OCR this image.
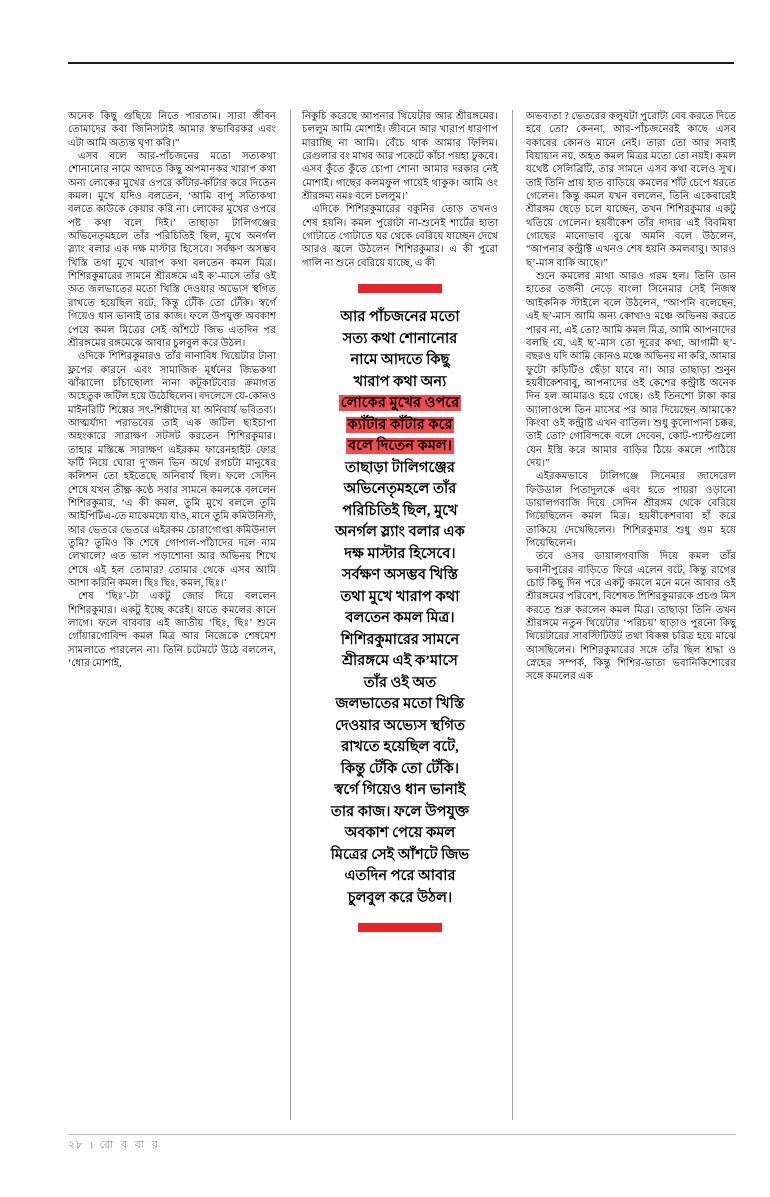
অনেক কিছু গুছিয়ে নিতে পারতাম। সারা জীবন তোমাদের কবা জিনিসটাই আমার স্বভাবিরকর এবং এটা আমি অত্যন্ত ঘৃণা করি।”

এসব বলে আর-পাঁচজনের মতো সত্যকথা শোনানোর নামে আদতে কিছু অপমানকর খারাপ কথা অন্য লোকের মুখের ওপরে কাঁটার-কাঁটার করে দিতেন কমল। মুখে যদিও বলতেন, ‘আমি বাপু সত্যিকথা বলতে কাউকে কেয়ার করি না। লোকের মুখের ওপরে পষ্ট কথা বলে দিই।’ তাছাড়া টালিগঞ্জের অভিনেতৃমহলে তাঁর পরিচিতিই ছিল, মুখে অনর্গল স্ল্যাং বলার এক দক্ষ মাস্টার হিসেবে। সর্বক্ষণ অসম্ভব খিস্তি তথা মুখে খারাপ কথা বলতেন কমল মিত্র। শিশিরকুমারের সামনে শ্রীরঙ্গমে এই ক’-মাসে তাঁর ওই অত জলভাতের মতো খিস্তি দেওয়ার অভ্যেস স্থগিত রাখতে হয়েছিল বটে, কিন্তু টেঁকি তো টেঁকি। স্বর্গে গিয়েও ধান ভানাই তার কাজ। ফলে উপযুক্ত অবকাশ পেয়ে কমল মিত্রের সেই আঁশটে জিভ এতদিন পর শ্রীরঙ্গমের রঙ্গমেঝে আবার চুলবুল করে উঠল।

ওদিকে শিশিরকুমারও তাঁর নানাবিধ থিয়েটার টানা ফ্লপের কারনে এবং সামাজিক মূর্ধনের জিভকথা ঝাঁঝালো চাঁচাছোলা নানা কটূকাটব্যের ক্রমাগত অহেতুক জটিল হয়ে উঠেছিলেন। বদলেসে যে-কোনও মাইনরিটি শিল্পের সৎ-শিল্পীদের যা অনিবার্য ভবিতব্য। আত্মর্যাদা পরাভবের তাই এক জটিল ছাইচাপা অহংকারে সারাক্ষণ সটসট করতেন শিশিরকুমার। তাহার মস্তিষ্কে সারাক্ষণ এইরকম ফারেনহাইট ফোর ফর্টি নিয়ে ঘোরা দু’জন ভিন অর্থে রগচটা মানুষের কলিশন তো হইতেছে অনিবার্য ছিল। ফলে সেদিন শেষে যখন তীক্ষ্ণ কণ্ঠে সবার সামনে কমলকে বললেন শিশিরকুমার, ‘এ কী কমল, তুমি মুখে বললে তুমি আইপিটিএ-তে মাঝেমধ্যে যাও, মানে তুমি কমিউনিস্ট, আর ভেতরে ভেতরে এইরকম চোরাগোপ্তা কমিউনাল তুমি? তুমিও কি শেষে গোপাল-পাঁঠাদের দলে নাম লেখালে? এত ভাল পড়াশোনা আর অভিনয় শিখে শেষে এই হল তোমার? তোমার থেকে এসব আমি আশা করিনি কমল। ছিঃ ছিঃ, কমল, ছিঃ।’

শেষ ‘ছিঃ’-টা একটু জোর দিয়ে বললেন শিশিরকুমার। একটু ইচ্ছে করেই। যাতে কমলের কানে লাগে। ফলে বাববার এই জাতীয় ‘ছিঃ, ছিঃ’ শুনে গোঁয়ারগোবিন্দ কমল মিত্র আর নিজেকে শেষমেশ সামলাতে পারলেন না। তিনি চটেমটে উঠে বললেন, ‘ধোর মোশাই,

নিকুচি করেছে আপনার থিয়েটার আর শ্রীরঙ্গমের। চললুম আমি মোশাই। জীবনে আর খারাপ ধারণাপ মারাচ্ছি না আমি। বেঁচে থাক আমার ফিলিম। রেগুলার বং মাখব আর পকেটে কাঁচা পয়হা ঢুকবে। এসব কুঁতে কুঁতে চোপা শোনা আমার দরকার নেই মোশাই। গাছের কলমফুল গায়েই থাকুক। আমি ওং শ্রীরঙ্গম্য নমঃ বলে চললুম।’

এদিকে শিশিরকুমারের বকুনির তোড় তখনও শেষ হয়নি। কমল পুরোটা না-শুনেই শার্টের হাতা গোটাতে গোটাতে ঘর থেকে বেরিয়ে যাচ্ছেন দেখে আরও জ্বলে উঠলেন শিশিরকুমার। এ কী পুরো গালি না শুনে বেরিয়ে যাচ্ছে, এ কী

আর পাঁচজনের মতো
সত্য কথা শোনানোর
নামে আদতে কিছু
খারাপ কথা অন্য
লোকের মুখের ওপরে
ক্যাঁটার কাঁটার করে
বলে দিতেন কমল।
তাছাড়া টালিগঞ্জের
অভিনেতৃমহলে তাঁর
পরিচিতিই ছিল, মুখে
অনর্গল স্ল্যাং বলার এক
দক্ষ মাস্টার হিসেবে।
সর্বক্ষণ অসম্ভব খিস্তি
তথা মুখে খারাপ কথা
বলতেন কমল মিত্র।
শিশিরকুমারের সামনে
শ্রীরঙ্গমে এই ক’মাসে
তাঁর ওই অত
জলভাতের মতো খিস্তি
দেওয়ার অভ্যেস স্থগিত
রাখতে হয়েছিল বটে,
কিন্তু টেঁকি তো টেঁকি।
স্বর্গে গিয়েও ধান ভানাই
তার কাজ। ফলে উপযুক্ত
অবকাশ পেয়ে কমল
মিত্রের সেই আঁশটে জিভ
এতদিন পরে আবার
চুলবুল করে উঠল।

অভব্যতা ? ভেতরের কলুযটা পুরোটা বেব করতে দিতে হবে তো? কেননা, আর-পাঁচজনেরই কাছে এসব বকাবের কোনও মানে নেই। তারা তো আর সবাই বিয়ায়ান নয়, অহত কমল মিত্রর মতো তো নয়ই। কমল যথেষ্ট সেলিব্রিটি, তার সামনে এসব কথা বলেও সুখ। তাই তিনি প্রায় হাত বাড়িয়ে কমলের শাঁট চেপে ধরতে গেলেন। কিন্তু কমল যখন বললেন, তিনি একেবারেই শ্রীরঙ্গম ছেড়ে চলে যাচ্ছেন, তখন শিশিরকুমার একটু থতিয়ে গেলেন। হয়বীকেশ তাঁর দাদার এই বিবমিষা গোছের মানোভাব বুঝে অমনি বলে উঠলেন, “আপনার কন্ট্রাক্ট এখনও শেষ হয়নি কমলবাবু। আরও ছ’-মাস বাকি আছে।”

শুনে কমলের মাথা আরও গরম হল। তিনি ডান হাতের তর্জনী নেড়ে বাংলা সিনেমার সেই নিজস্ব আইকনিক স্টাইলে বলে উঠলেন, “আপনি বলেছেন, এই ছ’-মাস আমি অন্য কোথাও মঞ্চে অভিনয় করতে পারব না, এই তো? আমি কমল মিত্র, আমি আপনাদের বলছি যে, এই ছ’-মাস তো দূরের কথা, আগামী ছ’-বছরও যদি আমি কোনও মঞ্চে অভিনয় না করি, আমার ফুটো কড়িটিও ছেঁড়া যাবে না। আর তাছাড়া শুনুন হয়বীকেশবাবু, আপনাদের ওই কেশের কন্ট্রাষ্ট অনেক দিন হল আমারও হয়ে গেছে। ওই তিনশো টাকা কার অ্যালাওন্সে তিন মাসের পর আর দিয়েছেন আমাকে? কিংবা ওই কন্ট্রাষ্ট এখন বাতিল। শুধু কুলোপানা চক্কর, তাই তো? গোবিন্দকে বলে দেবেন, কোট-প্যান্টগুলো যেন ইস্ত্রি করে আমার বাড়ির ঠিয়ে কমলে পাঠিয়ে দেয়।”

এইরকমভাবে টালিগঞ্জে সিনেমার জাদেরেল ফিউডাল পিতাদুলকে এবং হতে পায়রা ওড়ানো ডায়ালগবাজি দিয়ে সেদিন শ্রীরঙ্গম থেকে বেরিয়ে গিয়েছিলেন কমল মিত্র। হয়বীকেশবাবা হাঁ করে তাকিয়ে দেখেছিলেন। শিশিরকুমার শুধু গুম হয়ে গিয়েছিলেন।

তবে ওসব ডায়ালগবাজি দিয়ে কমল তাঁর ভবানীপুরের বাড়িতে ফিরে এলেন বটে, কিন্তু রাগের চোট কিছু দিন পরে একটু কমলে মনে মনে আবার ওই শ্রীরঙ্গমের পরিবেশ, বিশেষত শিশিরকুমারকে প্রচণ্ড মিস করতে শুরু করলেন কমল মিত্র। তাছাড়া তিনি তখন শ্রীরঙ্গমে নতুন থিয়েটার ‘পরিচয়’ ছাড়াও পুরনো কিছু থিয়েটারের সাবস্টিটিউট তথা বিকল্প চরিত্র হয়ে মাঝে আসছিলেন। শিশিরকুমারের সঙ্গে তাঁর ছিল শ্রদ্ধা ও স্নেহের সম্পর্ক, কিন্তু শিশির-ভাতা ভবানিকিশোরের সঙ্গে কমলের এক

২৮ । রো ব বা র
